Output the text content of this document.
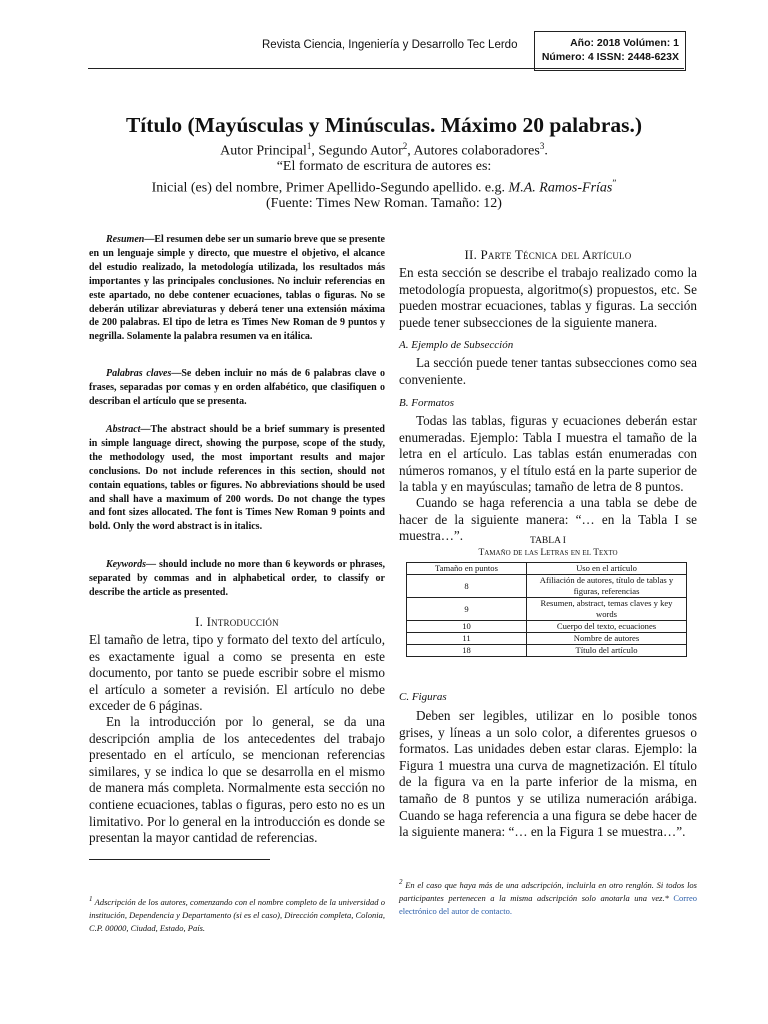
Revista Ciencia, Ingeniería y Desarrollo Tec Lerdo	Año: 2018 Volúmen: 1
Número: 4 ISSN: 2448-623X
Título (Mayúsculas y Minúsculas. Máximo 20 palabras.)
Autor Principal$^1$, Segundo Autor$^2$, Autores colaboradores$^3$.
“El formato de escritura de autores es:
Inicial (es) del nombre, Primer Apellido-Segundo apellido. e.g. M.A. Ramos-Frías”
(Fuente: Times New Roman. Tamaño: 12)

Resumen—El resumen debe ser un sumario breve que se presente en un lenguaje simple y directo, que muestre el objetivo, el alcance del estudio realizado, la metodología utilizada, los resultados más importantes y las principales conclusiones. No incluir referencias en este apartado, no debe contener ecuaciones, tablas o figuras. No se deberán utilizar abreviaturas y deberá tener una extensión máxima de 200 palabras. El tipo de letra es Times New Roman de 9 puntos y negrilla. Solamente la palabra resumen va en itálica.

Palabras claves—Se deben incluir no más de 6 palabras clave o frases, separadas por comas y en orden alfabético, que clasifiquen o describan el artículo que se presenta.

Abstract—The abstract should be a brief summary is presented in simple language direct, showing the purpose, scope of the study, the methodology used, the most important results and major conclusions. Do not include references in this section, should not contain equations, tables or figures. No abbreviations should be used and shall have a maximum of 200 words. Do not change the types and font sizes allocated. The font is Times New Roman 9 points and bold. Only the word abstract is in italics.

Keywords— should include no more than 6 keywords or phrases, separated by commas and in alphabetical order, to classify or describe the article as presented.

I. Introducción

El tamaño de letra, tipo y formato del texto del artículo, es exactamente igual a como se presenta en este documento, por tanto se puede escribir sobre el mismo el artículo a someter a revisión. El artículo no debe exceder de 6 páginas.

En la introducción por lo general, se da una descripción amplia de los antecedentes del trabajo presentado en el artículo, se mencionan referencias similares, y se indica lo que se desarrolla en el mismo de manera más completa. Normalmente esta sección no contiene ecuaciones, tablas o figuras, pero esto no es un limitativo. Por lo general en la introducción es donde se presentan la mayor cantidad de referencias.

$^1$ Adscripción de los autores, comenzando con el nombre completo de la universidad o institución, Dependencia y Departamento (si es el caso), Dirección completa, Colonia, C.P. 00000, Ciudad, Estado, País.
II. Parte Técnica del Artículo

En esta sección se describe el trabajo realizado como la metodología propuesta, algoritmo(s) propuestos, etc. Se pueden mostrar ecuaciones, tablas y figuras. La sección puede tener subsecciones de la siguiente manera.

A. Ejemplo de Subsección

La sección puede tener tantas subsecciones como sea conveniente.

B. Formatos

Todas las tablas, figuras y ecuaciones deberán estar enumeradas. Ejemplo: Tabla I muestra el tamaño de la letra en el artículo. Las tablas están enumeradas con números romanos, y el título está en la parte superior de la tabla y en mayúsculas; tamaño de letra de 8 puntos.

Cuando se haga referencia a una tabla se debe de hacer de la siguiente manera: “… en la Tabla I se muestra…”.	TABLA I
Tamaño de las Letras en el Texto
Tamaño en puntos	Uso en el artículo
8	Afiliación de autores, título de tablas y figuras, referencias
9	Resumen, abstract, temas claves y key words
10	Cuerpo del texto, ecuaciones
11	Nombre de autores
18	Título del artículo
C. Figuras

Deben ser legibles, utilizar en lo posible tonos grises, y líneas a un solo color, a diferentes gruesos o formatos. Las unidades deben estar claras. Ejemplo: la Figura 1 muestra una curva de magnetización. El título de la figura va en la parte inferior de la misma, en tamaño de 8 puntos y se utiliza numeración arábiga. Cuando se haga referencia a una figura se debe hacer de la siguiente manera: “… en la Figura 1 se muestra…”.

$^2$ En el caso que haya más de una adscripción, incluirla en otro renglón. Si todos los participantes pertenecen a la misma adscripción solo anotarla una vez.* Correo electrónico del autor de contacto.
